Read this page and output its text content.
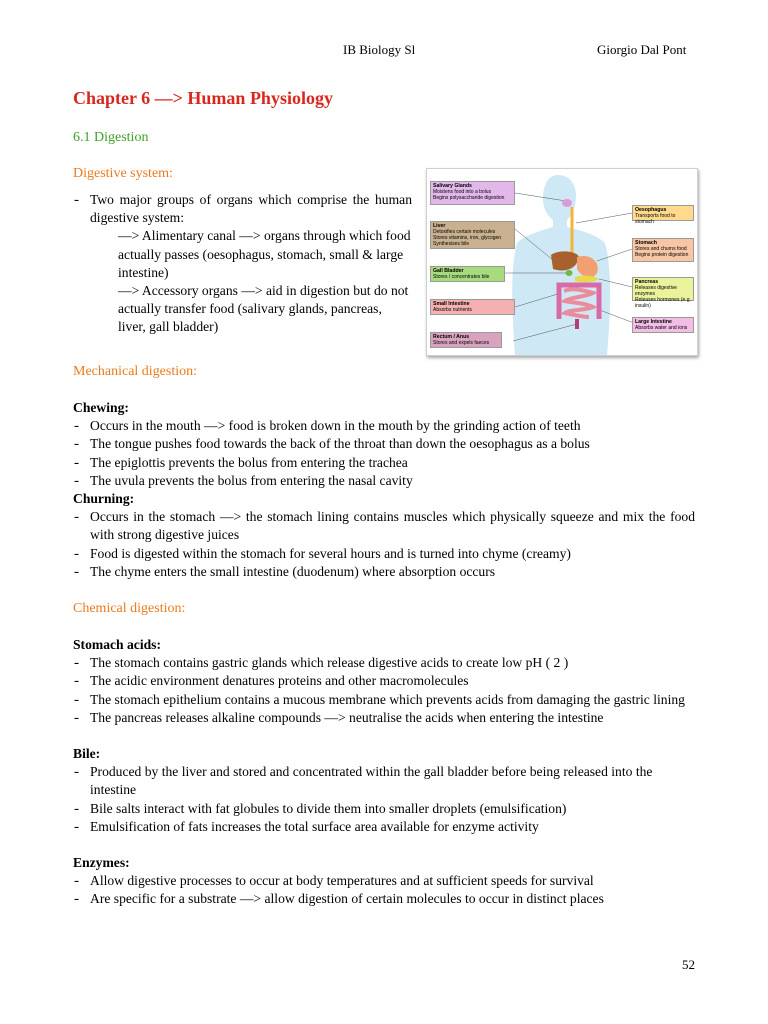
IB Biology Sl	Giorgio Dal Pont
Chapter 6 —> Human Physiology
6.1 Digestion
Digestive system:
- Two major groups of organs which comprise the human digestive system:
—> Alimentary canal —> organs through which food actually passes (oesophagus, stomach, small & large intestine)
—> Accessory organs —> aid in digestion but do not actually transfer food (salivary glands, pancreas, liver, gall bladder)
Salivary Glands
Moistens food into a bolus
Begins polysaccharide digestion
Liver
Detoxifies certain molecules
Stores vitamins, iron, glycogen
Synthesises bile
Gall Bladder
Stores / concentrates bile
Small Intestine
Absorbs nutrients
Rectum / Anus
Stores and expels faeces
Oesophagus
Transports food to stomach
Stomach
Stores and churns food
Begins protein digestion
Pancreas
Releases digestive enzymes
Releases hormones (e.g. insulin)
Large Intestine
Absorbs water and ions
Mechanical digestion:
Chewing:
- Occurs in the mouth —> food is broken down in the mouth by the grinding action of teeth
- The tongue pushes food towards the back of the throat than down the oesophagus as a bolus
- The epiglottis prevents the bolus from entering the trachea
- The uvula prevents the bolus from entering the nasal cavity
Churning:
- Occurs in the stomach —> the stomach lining contains muscles which physically squeeze and mix the food with strong digestive juices
- Food is digested within the stomach for several hours and is turned into chyme (creamy)
- The chyme enters the small intestine (duodenum) where absorption occurs
Chemical digestion:
Stomach acids:
- The stomach contains gastric glands which release digestive acids to create low pH ( 2 )
- The acidic environment denatures proteins and other macromolecules
- The stomach epithelium contains a mucous membrane which prevents acids from damaging the gastric lining
- The pancreas releases alkaline compounds —> neutralise the acids when entering the intestine
Bile:
- Produced by the liver and stored and concentrated within the gall bladder before being released into the intestine
- Bile salts interact with fat globules to divide them into smaller droplets (emulsification)
- Emulsification of fats increases the total surface area available for enzyme activity
Enzymes:
- Allow digestive processes to occur at body temperatures and at sufficient speeds for survival
- Are specific for a substrate —> allow digestion of certain molecules to occur in distinct places
52
